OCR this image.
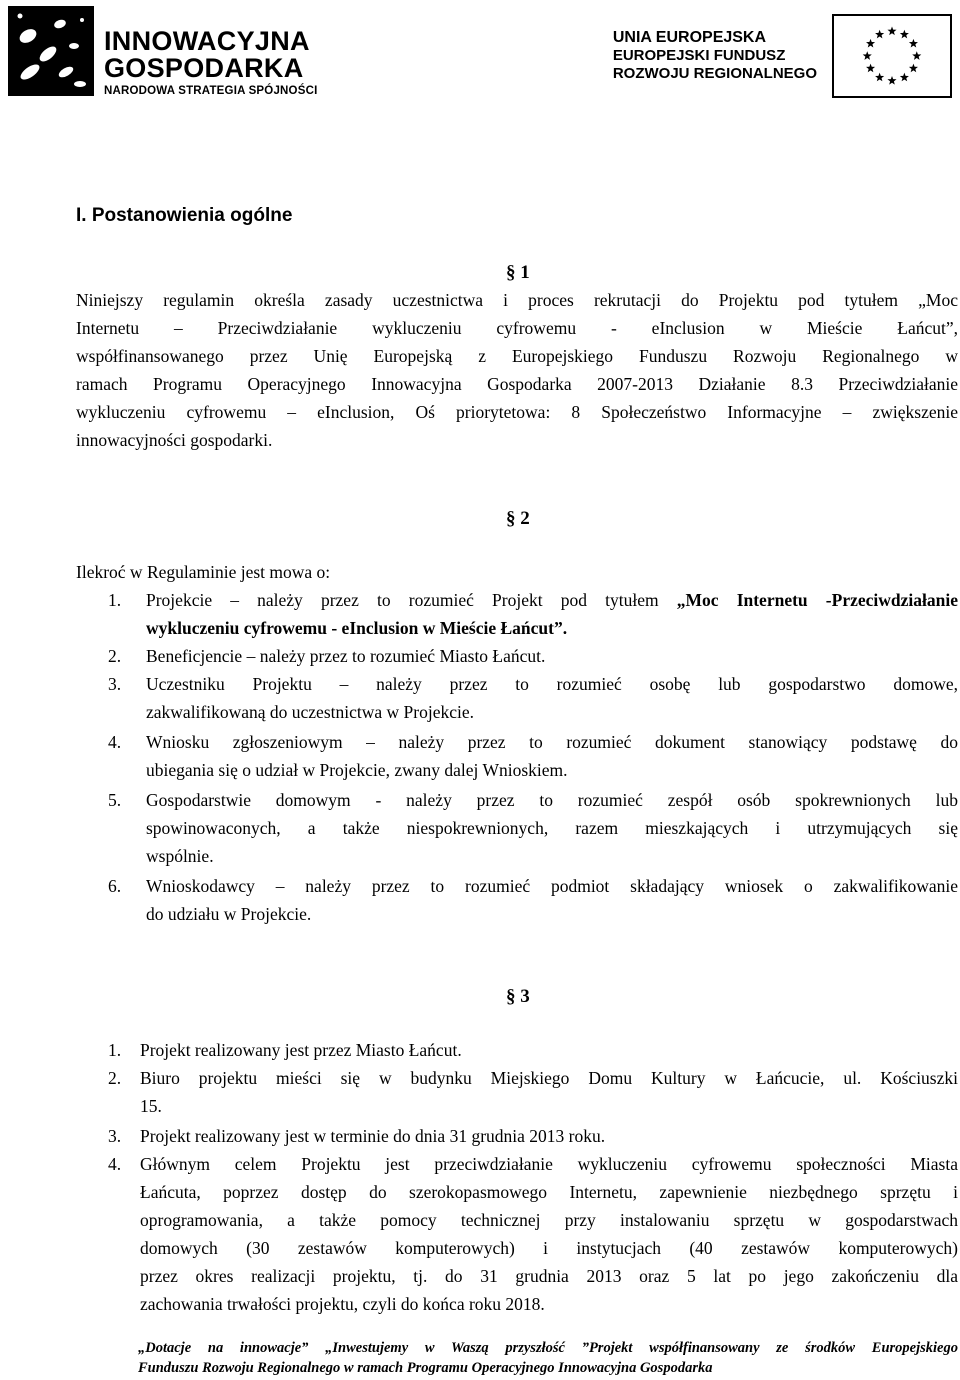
INNOWACYJNA
GOSPODARKA
NARODOWA STRATEGIA SPÓJNOŚCI
UNIA EUROPEJSKA
EUROPEJSKI FUNDUSZ
ROZWOJU REGIONALNEGO
I. Postanowienia ogólne
§ 1
Niniejszy regulamin określa zasady uczestnictwa i proces rekrutacji do Projektu pod tytułem „Moc
Internetu – Przeciwdziałanie wykluczeniu cyfrowemu - eInclusion w Mieście Łańcut”,
współfinansowanego przez Unię Europejską z Europejskiego Funduszu Rozwoju Regionalnego w
ramach Programu Operacyjnego Innowacyjna Gospodarka 2007-2013 Działanie 8.3 Przeciwdziałanie
wykluczeniu cyfrowemu – eInclusion, Oś priorytetowa: 8 Społeczeństwo Informacyjne – zwiększenie
innowacyjności gospodarki.
§ 2
Ilekroć w Regulaminie jest mowa o:
1. Projekcie – należy przez to rozumieć Projekt pod tytułem „Moc Internetu -Przeciwdziałanie
wykluczeniu cyfrowemu - eInclusion w Mieście Łańcut”.
2. Beneficjencie – należy przez to rozumieć Miasto Łańcut.
3. Uczestniku Projektu – należy przez to rozumieć osobę lub gospodarstwo domowe,
zakwalifikowaną do uczestnictwa w Projekcie.
4. Wniosku zgłoszeniowym – należy przez to rozumieć dokument stanowiący podstawę do
ubiegania się o udział w Projekcie, zwany dalej Wnioskiem.
5. Gospodarstwie domowym - należy przez to rozumieć zespół osób spokrewnionych lub
spowinowaconych, a także niespokrewnionych, razem mieszkających i utrzymujących się
wspólnie.
6. Wnioskodawcy – należy przez to rozumieć podmiot składający wniosek o zakwalifikowanie
do udziału w Projekcie.
§ 3
1. Projekt realizowany jest przez Miasto Łańcut.
2. Biuro projektu mieści się w budynku Miejskiego Domu Kultury w Łańcucie, ul. Kościuszki
15.
3. Projekt realizowany jest w terminie do dnia 31 grudnia 2013 roku.
4. Głównym celem Projektu jest przeciwdziałanie wykluczeniu cyfrowemu społeczności Miasta
Łańcuta, poprzez dostęp do szerokopasmowego Internetu, zapewnienie niezbędnego sprzętu i
oprogramowania, a także pomocy technicznej przy instalowaniu sprzętu w gospodarstwach
domowych (30 zestawów komputerowych) i instytucjach (40 zestawów komputerowych)
przez okres realizacji projektu, tj. do 31 grudnia 2013 oraz 5 lat po jego zakończeniu dla
zachowania trwałości projektu, czyli do końca roku 2018.
„Dotacje na innowacje” „Inwestujemy w Waszą przyszłość ”Projekt współfinansowany ze środków Europejskiego
Funduszu Rozwoju Regionalnego w ramach Programu Operacyjnego Innowacyjna Gospodarka
